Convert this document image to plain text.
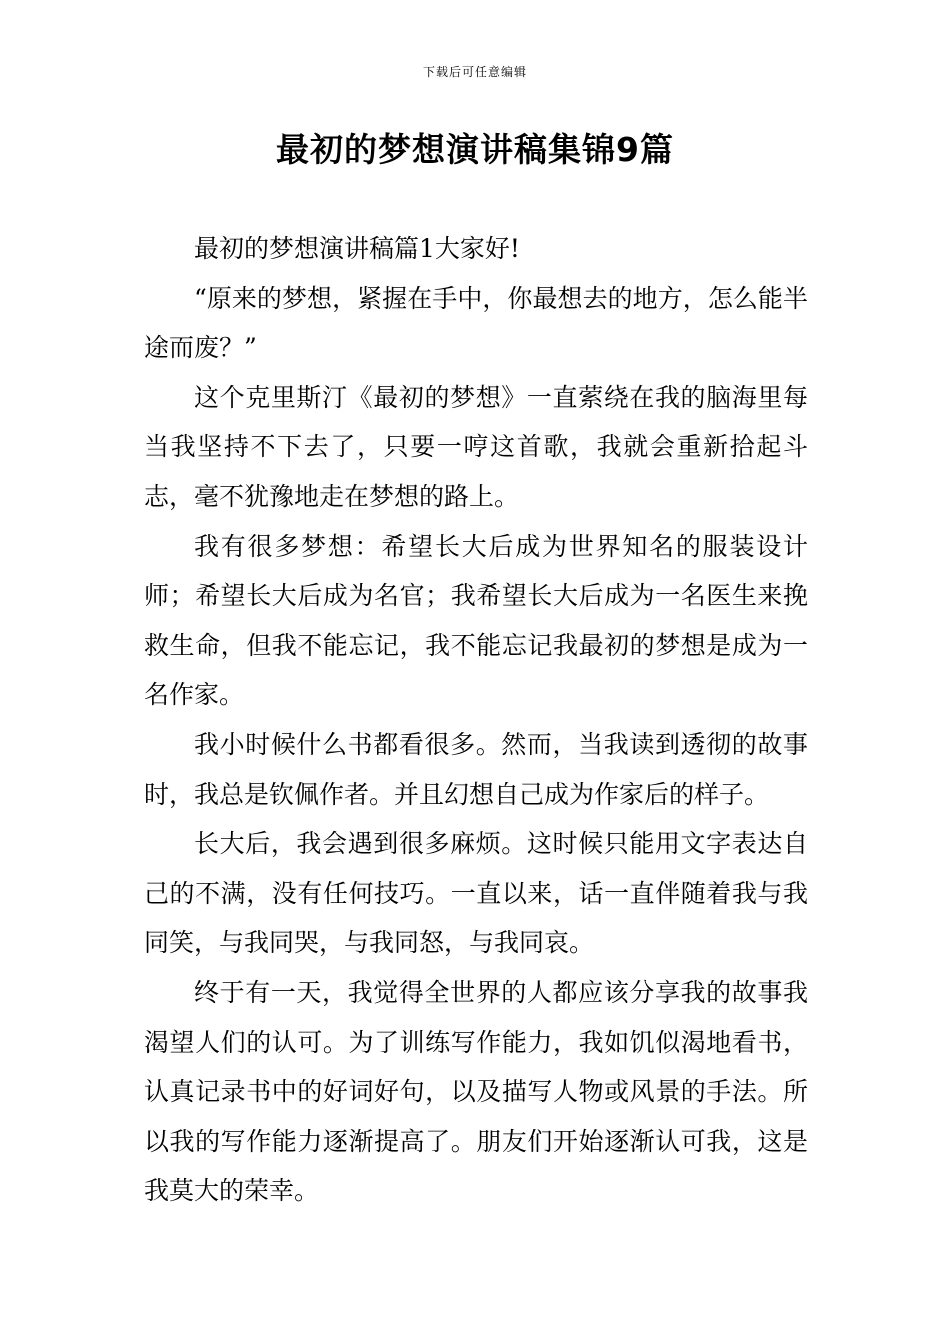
下载后可任意编辑
最初的梦想演讲稿集锦9篇

最初的梦想演讲稿篇1大家好!

“原来的梦想，紧握在手中，你最想去的地方，怎么能半途而废？”

这个克里斯汀《最初的梦想》一直萦绕在我的脑海里每当我坚持不下去了，只要一哼这首歌，我就会重新拾起斗志，毫不犹豫地走在梦想的路上。

我有很多梦想：希望长大后成为世界知名的服装设计师；希望长大后成为名官；我希望长大后成为一名医生来挽救生命，但我不能忘记，我不能忘记我最初的梦想是成为一名作家。

我小时候什么书都看很多。然而，当我读到透彻的故事时，我总是钦佩作者。并且幻想自己成为作家后的样子。

长大后，我会遇到很多麻烦。这时候只能用文字表达自己的不满，没有任何技巧。一直以来，话一直伴随着我与我同笑，与我同哭，与我同怒，与我同哀。

终于有一天，我觉得全世界的人都应该分享我的故事我渴望人们的认可。为了训练写作能力，我如饥似渴地看书，认真记录书中的好词好句，以及描写人物或风景的手法。所以我的写作能力逐渐提高了。朋友们开始逐渐认可我，这是我莫大的荣幸。
